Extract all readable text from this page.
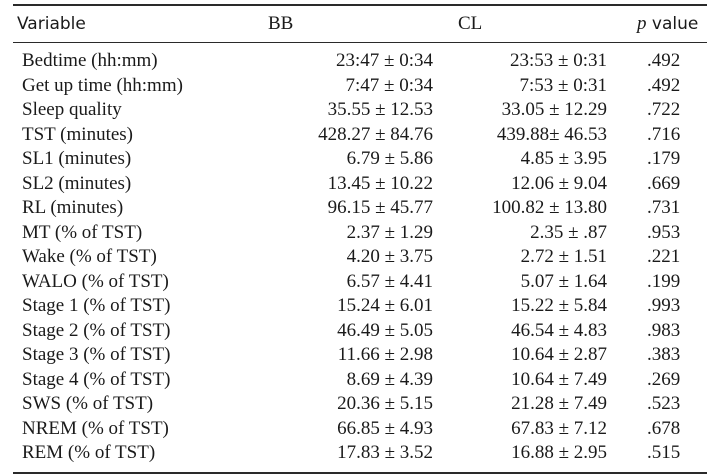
Variable	BB	CL	p value
Bedtime (hh:mm)	23:47 ± 0:34	23:53 ± 0:31	.492
Get up time (hh:mm)	7:47 ± 0:34	7:53 ± 0:31	.492
Sleep quality	35.55 ± 12.53	33.05 ± 12.29	.722
TST (minutes)	428.27 ± 84.76	439.88± 46.53	.716
SL1 (minutes)	6.79 ± 5.86	4.85 ± 3.95	.179
SL2 (minutes)	13.45 ± 10.22	12.06 ± 9.04	.669
RL (minutes)	96.15 ± 45.77	100.82 ± 13.80	.731
MT (% of TST)	2.37 ± 1.29	2.35 ± .87	.953
Wake (% of TST)	4.20 ± 3.75	2.72 ± 1.51	.221
WALO (% of TST)	6.57 ± 4.41	5.07 ± 1.64	.199
Stage 1 (% of TST)	15.24 ± 6.01	15.22 ± 5.84	.993
Stage 2 (% of TST)	46.49 ± 5.05	46.54 ± 4.83	.983
Stage 3 (% of TST)	11.66 ± 2.98	10.64 ± 2.87	.383
Stage 4 (% of TST)	8.69 ± 4.39	10.64 ± 7.49	.269
SWS (% of TST)	20.36 ± 5.15	21.28 ± 7.49	.523
NREM (% of TST)	66.85 ± 4.93	67.83 ± 7.12	.678
REM (% of TST)	17.83 ± 3.52	16.88 ± 2.95	.515
